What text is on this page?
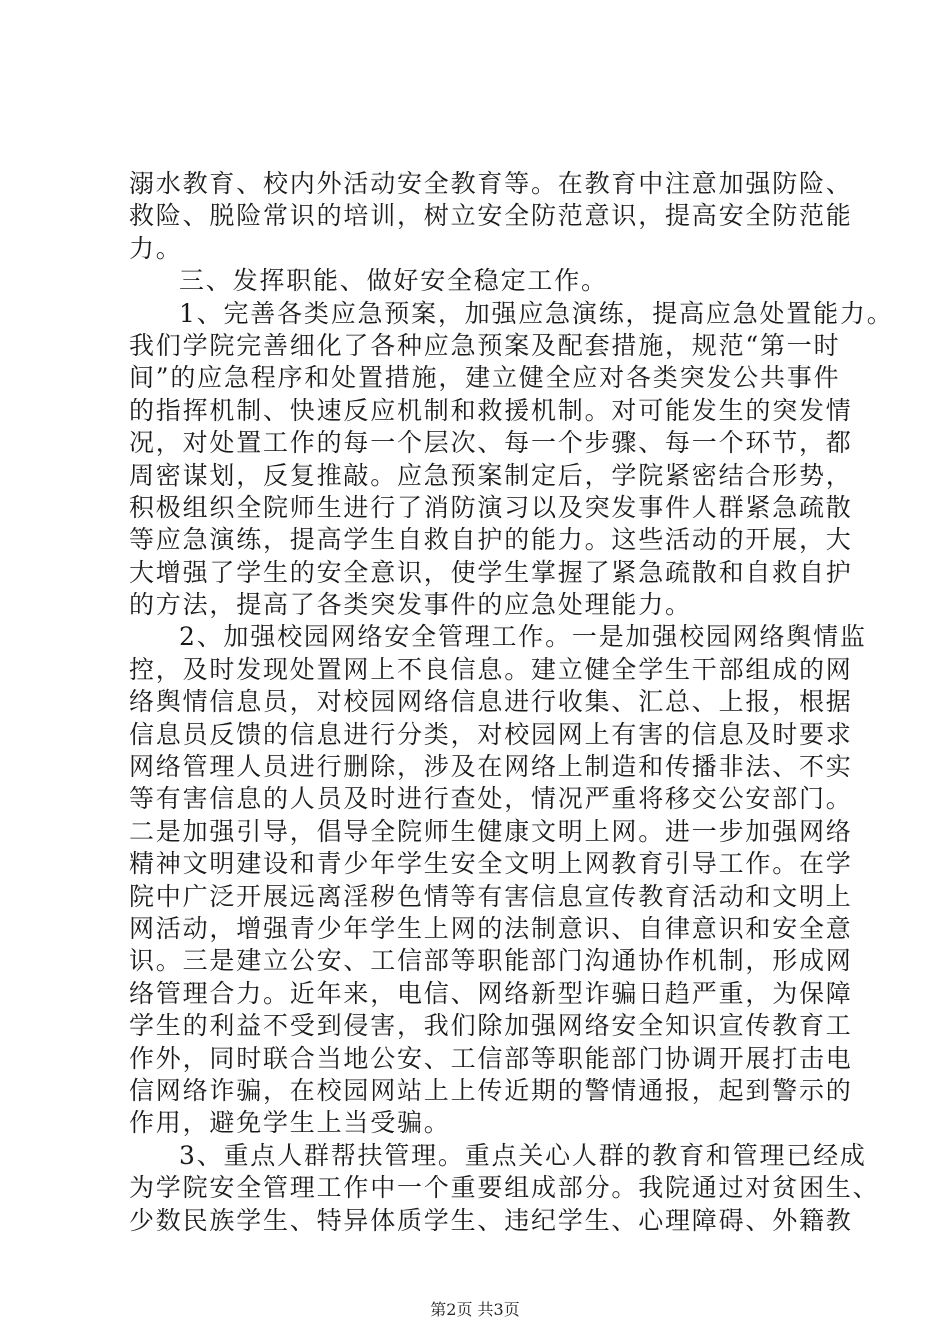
溺水教育、校内外活动安全教育等。在教育中注意加强防险、
救险、脱险常识的培训，树立安全防范意识，提高安全防范能
力。
三、发挥职能、做好安全稳定工作。
1、完善各类应急预案，加强应急演练，提高应急处置能力。
我们学院完善细化了各种应急预案及配套措施，规范“第一时
间”的应急程序和处置措施，建立健全应对各类突发公共事件
的指挥机制、快速反应机制和救援机制。对可能发生的突发情
况，对处置工作的每一个层次、每一个步骤、每一个环节，都
周密谋划，反复推敲。应急预案制定后，学院紧密结合形势，
积极组织全院师生进行了消防演习以及突发事件人群紧急疏散
等应急演练，提高学生自救自护的能力。这些活动的开展，大
大增强了学生的安全意识，使学生掌握了紧急疏散和自救自护
的方法，提高了各类突发事件的应急处理能力。
2、加强校园网络安全管理工作。一是加强校园网络舆情监
控，及时发现处置网上不良信息。建立健全学生干部组成的网
络舆情信息员，对校园网络信息进行收集、汇总、上报，根据
信息员反馈的信息进行分类，对校园网上有害的信息及时要求
网络管理人员进行删除，涉及在网络上制造和传播非法、不实
等有害信息的人员及时进行查处，情况严重将移交公安部门。
二是加强引导，倡导全院师生健康文明上网。进一步加强网络
精神文明建设和青少年学生安全文明上网教育引导工作。在学
院中广泛开展远离淫秽色情等有害信息宣传教育活动和文明上
网活动，增强青少年学生上网的法制意识、自律意识和安全意
识。三是建立公安、工信部等职能部门沟通协作机制，形成网
络管理合力。近年来，电信、网络新型诈骗日趋严重，为保障
学生的利益不受到侵害，我们除加强网络安全知识宣传教育工
作外，同时联合当地公安、工信部等职能部门协调开展打击电
信网络诈骗，在校园网站上上传近期的警情通报，起到警示的
作用，避免学生上当受骗。
3、重点人群帮扶管理。重点关心人群的教育和管理已经成
为学院安全管理工作中一个重要组成部分。我院通过对贫困生、
少数民族学生、特异体质学生、违纪学生、心理障碍、外籍教
第2页 共3页
